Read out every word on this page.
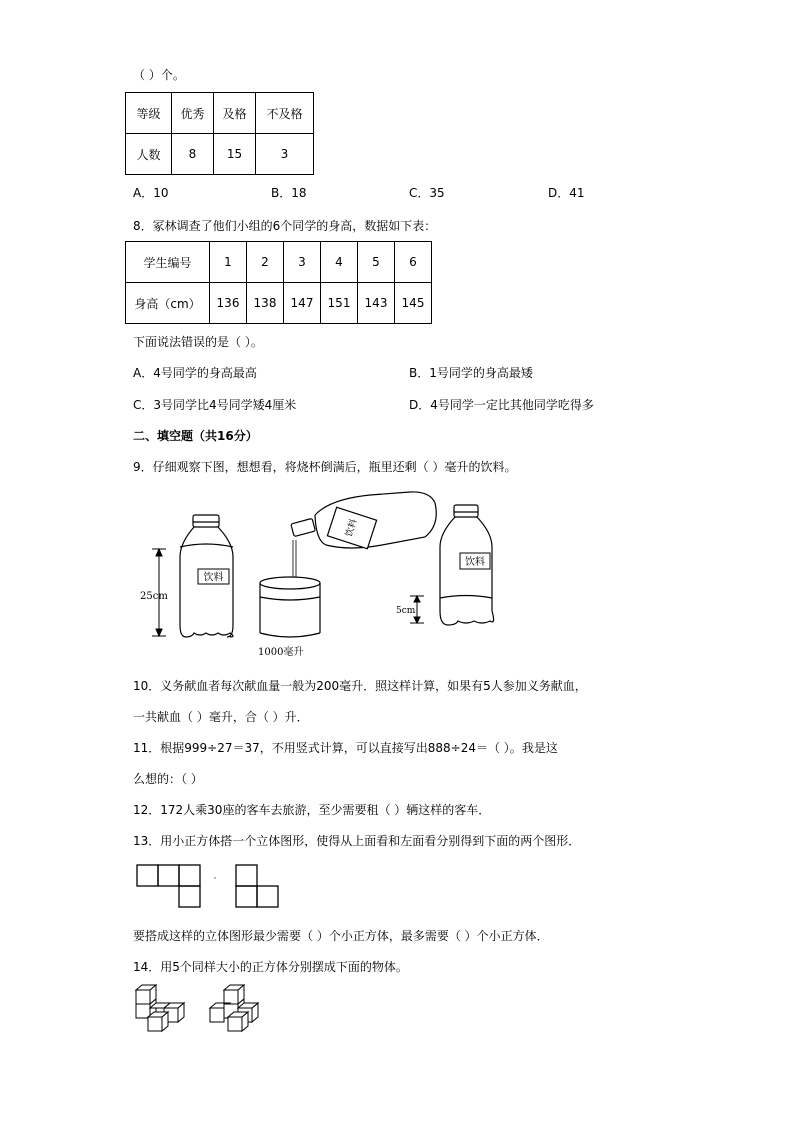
（ ）个。
等级	优秀	及格	不及格
人数	8	15	3
A．10	B．18	C．35	D．41
8．冢林调查了他们小组的6个同学的身高，数据如下表：
学生编号	1	2	3	4	5	6
身高（cm）	136	138	147	151	143	145
下面说法错误的是（ ）。
A．4号同学的身高最高	B．1号同学的身高最矮
C．3号同学比4号同学矮4厘米	D．4号同学一定比其他同学吃得多
二、填空题（共16分）
9．仔细观察下图，想想看，将烧杯倒满后，瓶里还剩（ ）毫升的饮料。
饮料
25cm
饮料
1000毫升
饮料
5cm
10．义务献血者每次献血量一般为200毫升．照这样计算，如果有5人参加义务献血，
一共献血（ ）毫升，合（ ）升．
11．根据999÷27＝37，不用竖式计算，可以直接写出888÷24＝（ ）。我是这
么想的：（ ）
12．172人乘30座的客车去旅游，至少需要租（ ）辆这样的客车．
13．用小正方体搭一个立体图形，使得从上面看和左面看分别得到下面的两个图形．
要搭成这样的立体图形最少需要（ ）个小正方体，最多需要（ ）个小正方体．
14．用5个同样大小的正方体分别摆成下面的物体。
